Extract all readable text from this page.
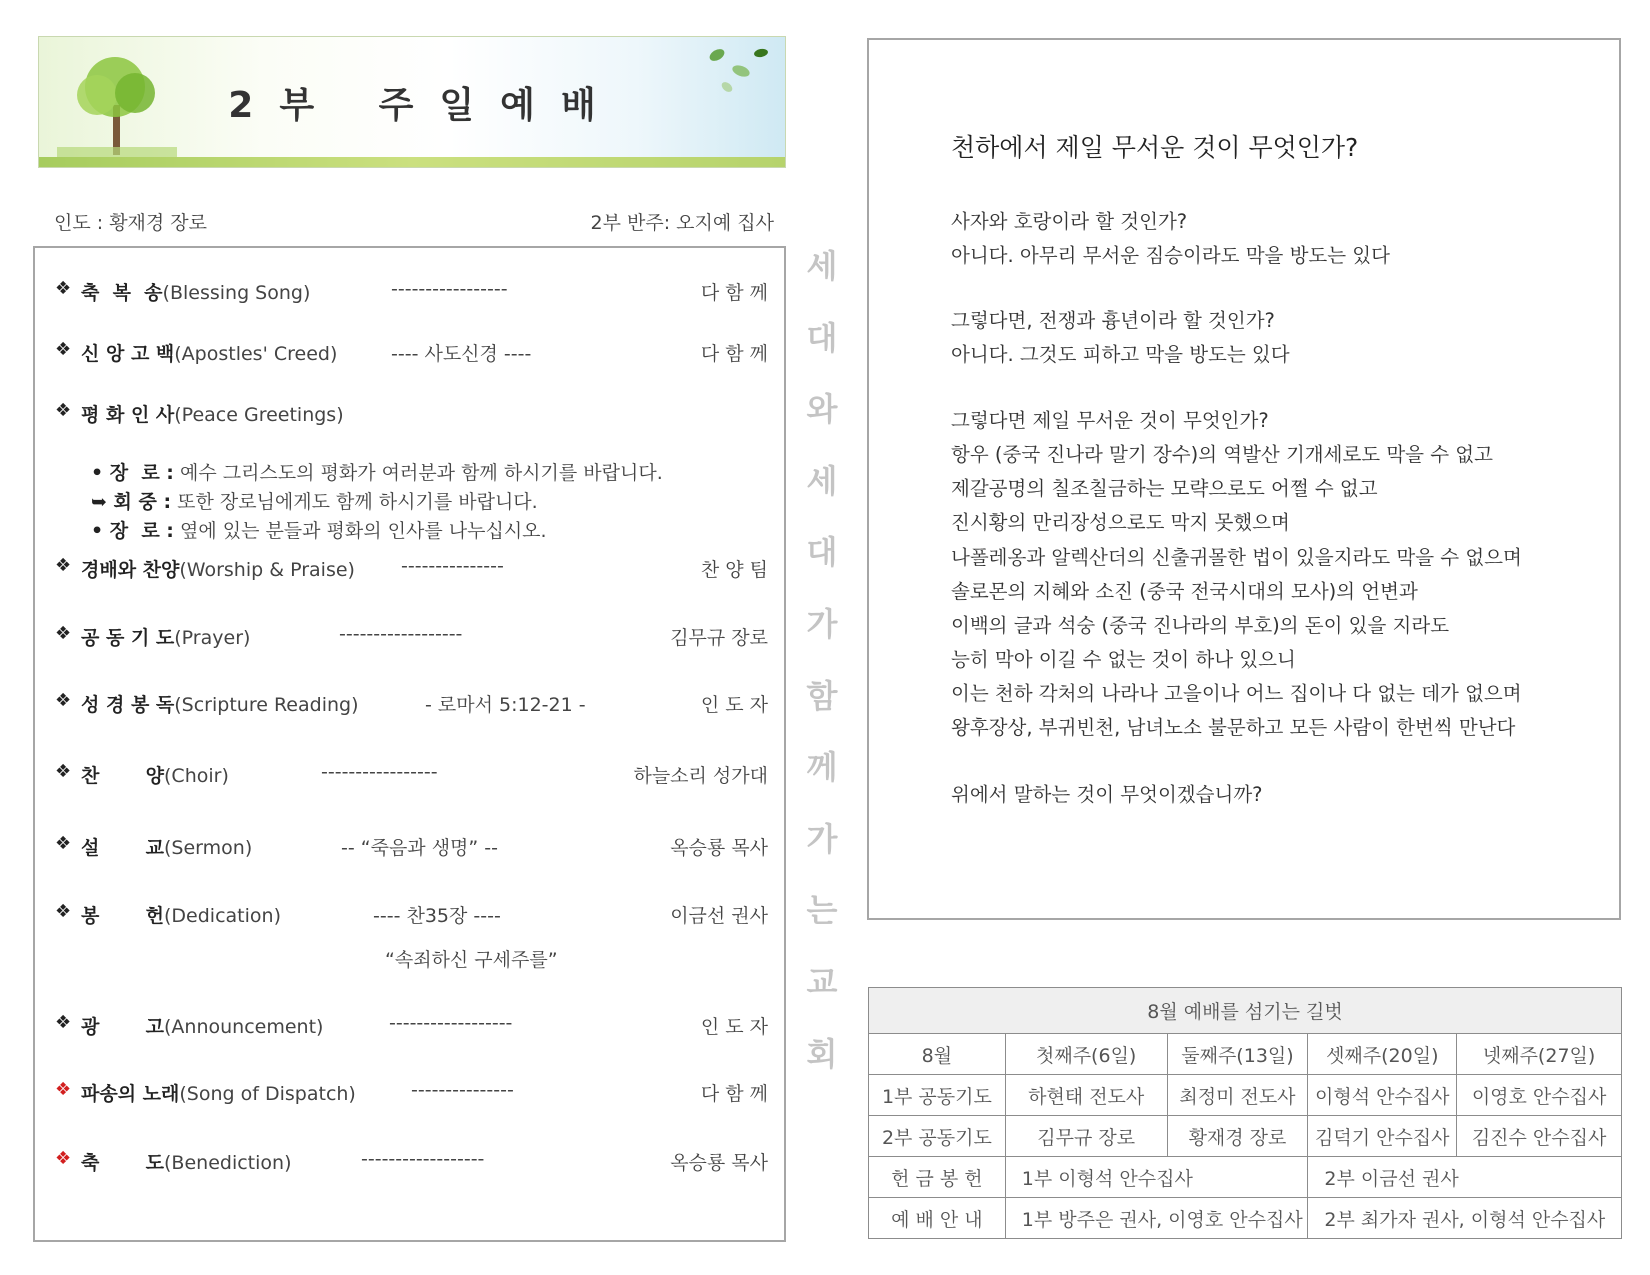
2부 주일예배
인도 : 황재경 장로	2부 반주: 오지예 집사
❖ 축  복  송(Blessing Song)	-----------------	다 함 께
❖ 신 앙 고 백(Apostles' Creed)	---- 사도신경 ----	다 함 께
❖ 평 화 인 사(Peace Greetings)
• 장  로 : 예수 그리스도의 평화가 여러분과 함께 하시기를 바랍니다.
➥ 회 중 : 또한 장로님에게도 함께 하시기를 바랍니다.
• 장  로 : 옆에 있는 분들과 평화의 인사를 나누십시오.
❖ 경배와 찬양(Worship & Praise) ---------------	찬 양 팀
❖ 공 동 기 도(Prayer)	------------------	김무규 장로
❖ 성 경 봉 독(Scripture Reading)	- 로마서 5:12-21 -	인 도 자
❖ 찬       양(Choir)	-----------------	하늘소리 성가대
❖ 설       교(Sermon)	-- “죽음과 생명” --	옥승룡 목사
❖ 봉       헌(Dedication)	---- 찬35장 ----	이금선 권사
“속죄하신 구세주를”
❖ 광       고(Announcement)	------------------	인 도 자
❖ 파송의 노래(Song of Dispatch)	---------------	다 함 께
❖ 축       도(Benediction)	------------------	옥승룡 목사
세
대
와
세
대
가
함
께
가
는
교
회
천하에서 제일 무서운 것이 무엇인가?
사자와 호랑이라 할 것인가?
아니다. 아무리 무서운 짐승이라도 막을 방도는 있다
그렇다면, 전쟁과 흉년이라 할 것인가?
아니다. 그것도 피하고 막을 방도는 있다
그렇다면 제일 무서운 것이 무엇인가?
항우 (중국 진나라 말기 장수)의 역발산 기개세로도 막을 수 없고
제갈공명의 칠조칠금하는 모략으로도 어쩔 수 없고
진시황의 만리장성으로도 막지 못했으며
나폴레옹과 알렉산더의 신출귀몰한 법이 있을지라도 막을 수 없으며
솔로몬의 지혜와 소진 (중국 전국시대의 모사)의 언변과
이백의 글과 석숭 (중국 진나라의 부호)의 돈이 있을 지라도
능히 막아 이길 수 없는 것이 하나 있으니
이는 천하 각처의 나라나 고을이나 어느 집이나 다 없는 데가 없으며
왕후장상, 부귀빈천, 남녀노소 불문하고 모든 사람이 한번씩 만난다
위에서 말하는 것이 무엇이겠습니까?
8월 예배를 섬기는 길벗				
8월	첫째주(6일)	둘째주(13일)	셋째주(20일)	넷째주(27일)
1부 공동기도	하현태 전도사	최정미 전도사	이형석 안수집사	이영호 안수집사
2부 공동기도	김무규 장로	황재경 장로	김덕기 안수집사	김진수 안수집사
헌 금 봉 헌	1부 이형석 안수집사		2부 이금선 권사	
예 배 안 내	1부 방주은 권사, 이영호 안수집사		2부 최가자 권사, 이형석 안수집사	
